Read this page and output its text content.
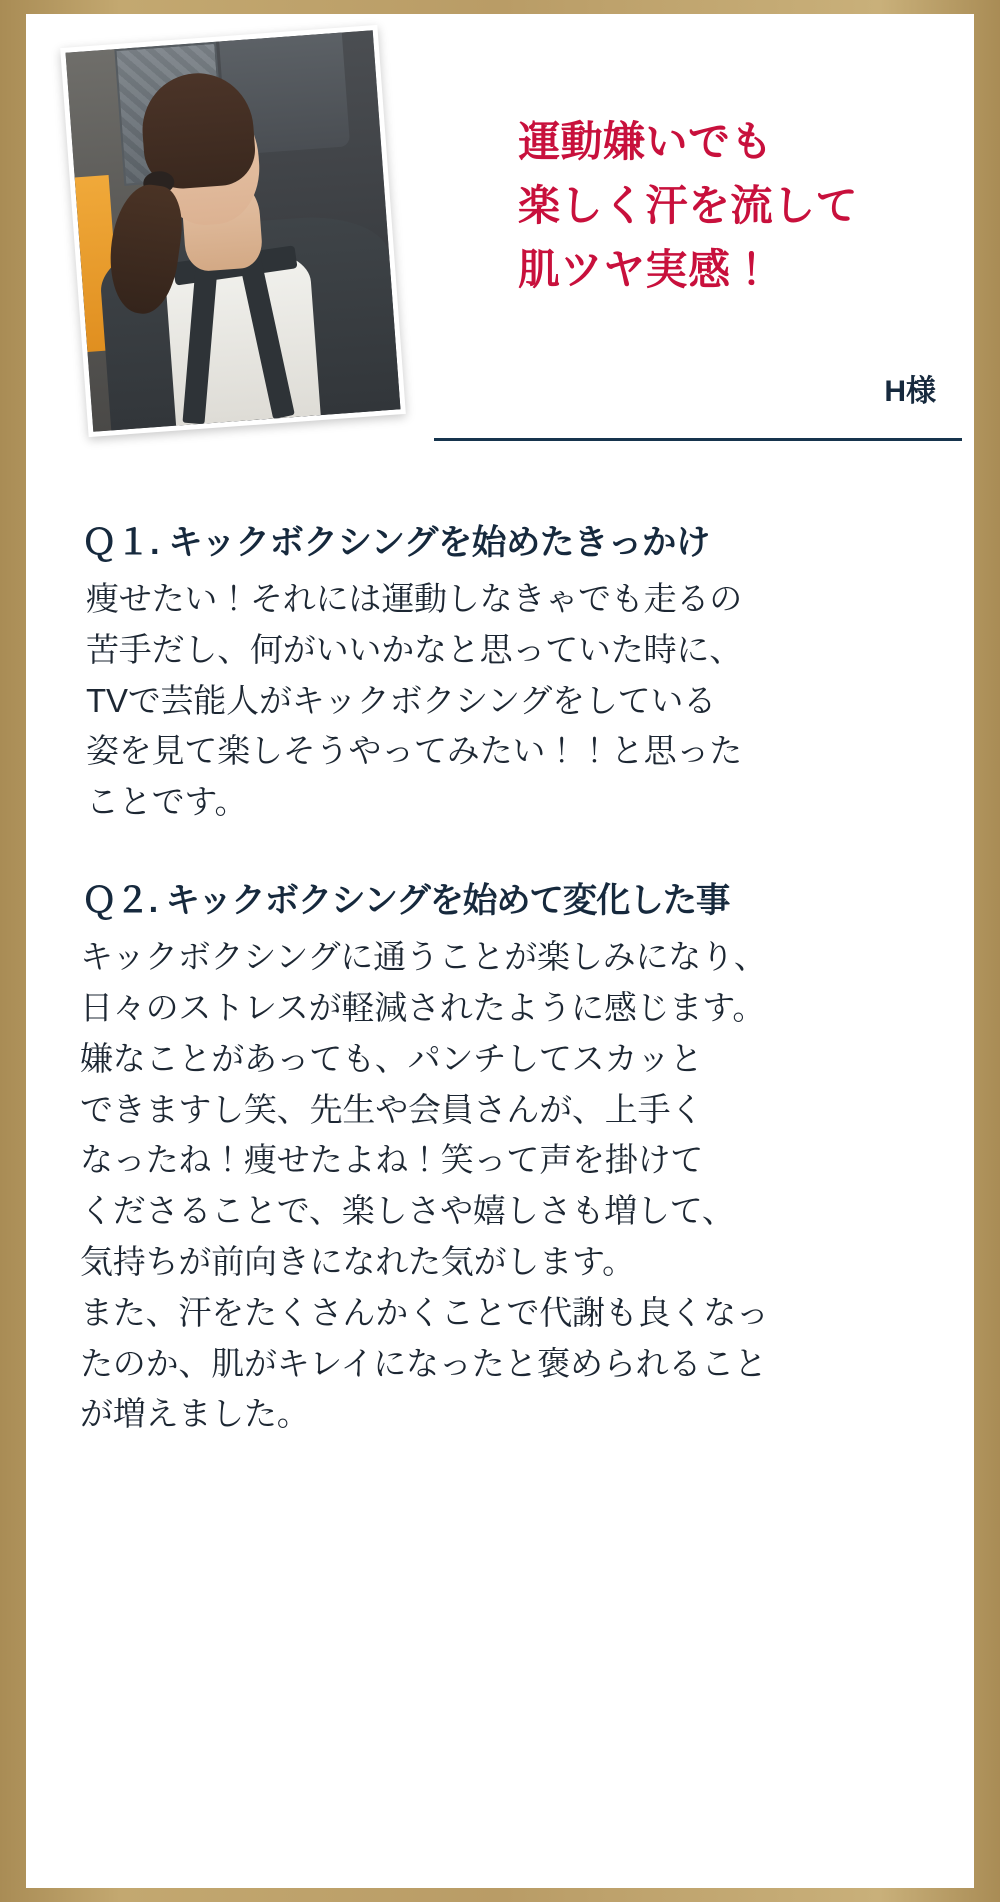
運動嫌いでも
楽しく汗を流して
肌ツヤ実感！
H様
Ｑ１. キックボクシングを始めたきっかけ
痩せたい！それには運動しなきゃでも走るの
苦手だし、何がいいかなと思っていた時に、
TVで芸能人がキックボクシングをしている
姿を見て楽しそうやってみたい！！と思った
ことです。
Ｑ２. キックボクシングを始めて変化した事
キックボクシングに通うことが楽しみになり、
日々のストレスが軽減されたように感じます。
嫌なことがあっても、パンチしてスカッと
できますし笑、先生や会員さんが、上手く
なったね！痩せたよね！笑って声を掛けて
くださることで、楽しさや嬉しさも増して、
気持ちが前向きになれた気がします。
また、汗をたくさんかくことで代謝も良くなっ
たのか、肌がキレイになったと褒められること
が増えました。
